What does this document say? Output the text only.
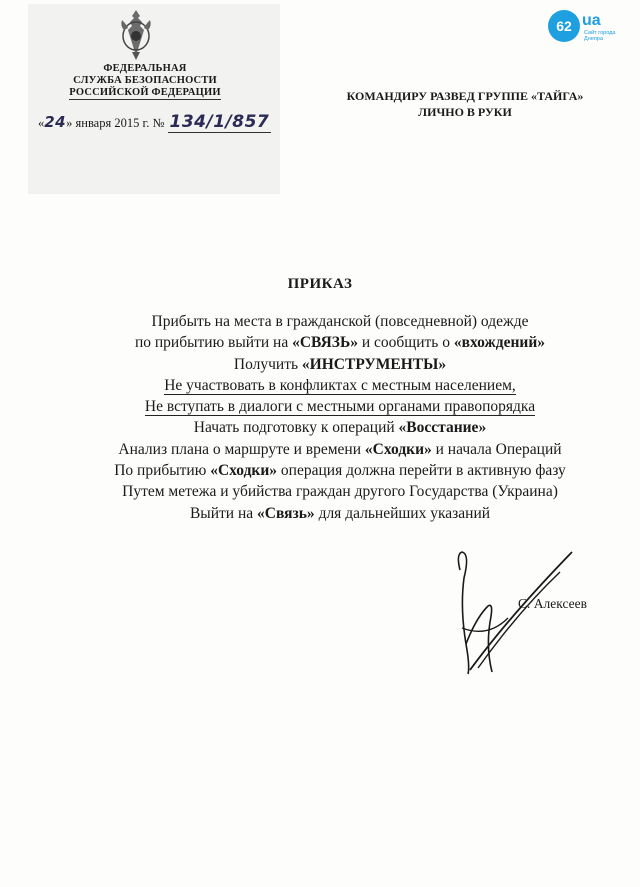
ФЕДЕРАЛЬНАЯ
СЛУЖБА БЕЗОПАСНОСТИ
РОССИЙСКОЙ ФЕДЕРАЦИИ
«24» января 2015 г. № 134/1/857
КОМАНДИРУ РАЗВЕД ГРУППЕ «ТАЙГА»
ЛИЧНО В РУКИ
62 ua
Сайт города Днепра
ПРИКАЗ
Прибыть на места в гражданской (повседневной) одежде
по прибытию выйти на «СВЯЗЬ» и сообщить о «вхождений»
Получить «ИНСТРУМЕНТЫ»
Не участвовать в конфликтах с местным населением,
Не вступать в диалоги с местными органами правопорядка
Начать подготовку к операций «Восстание»
Анализ плана о маршруте и времени «Сходки» и начала Операций
По прибытию «Сходки» операция должна перейти в активную фазу
Путем метежа и убийства граждан другого Государства (Украина)
Выйти на «Связь» для дальнейших указаний
С. Алексеев
